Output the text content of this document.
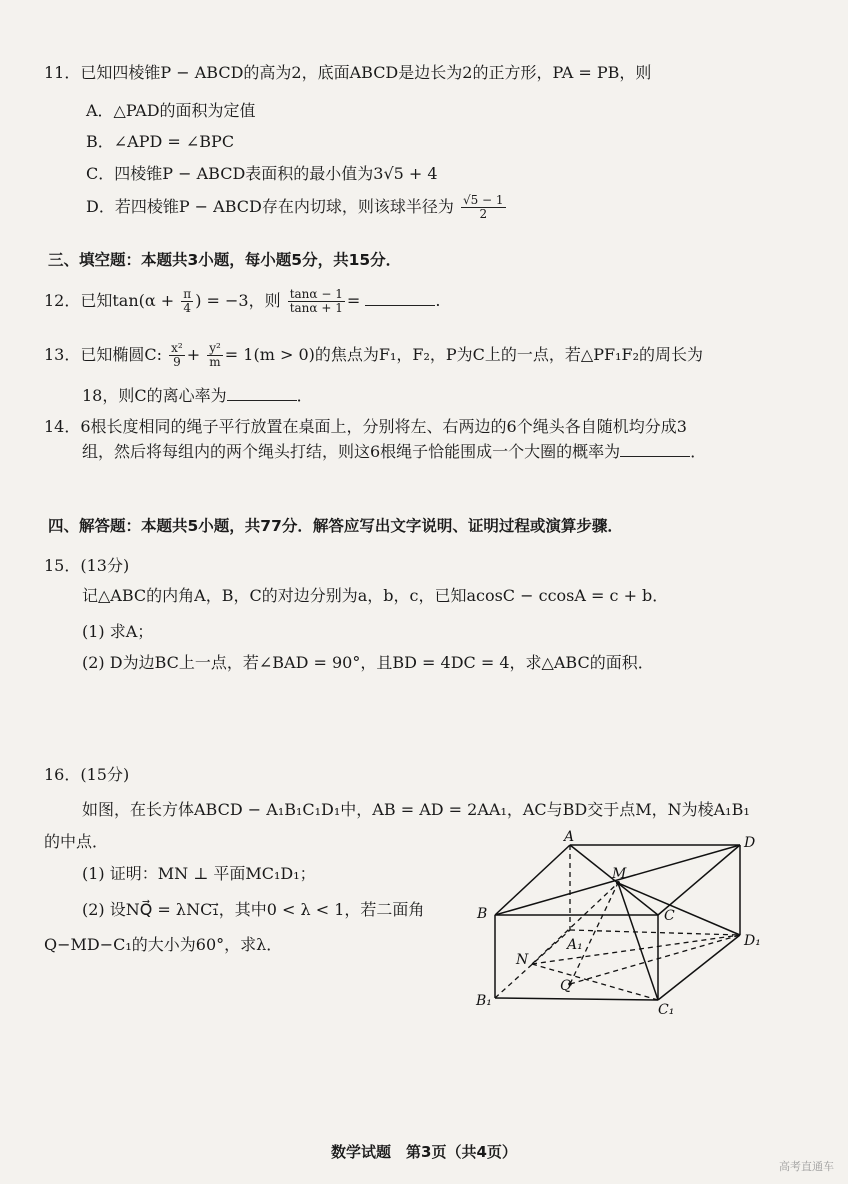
11．已知四棱锥P − ABCD的高为2，底面ABCD是边长为2的正方形，PA = PB，则
A．△PAD的面积为定值
B．∠APD = ∠BPC
C．四棱锥P − ABCD表面积的最小值为3√5 + 4
D．若四棱锥P − ABCD存在内切球，则该球半径为 $\frac{√5 - 1}{2}$
三、填空题：本题共3小题，每小题5分，共15分．
12．已知$\tan(\alpha + \frac{\pi}{4}$ ) = −3，则 $\frac{\tan\alpha - 1}{\tan\alpha + 1}$ =	.
13．已知椭圆C: $\frac{\text{x²}}{9} + \frac{\text{y²}}{m} = 1(m > 0)$的焦点为F₁，F₂，P为C上的一点，若△PF₁F₂的周长为
18，则C的离心率为	．
14．6根长度相同的绳子平行放置在桌面上，分别将左、右两边的6个绳头各自随机均分成3
组，然后将每组内的两个绳头打结，则这6根绳子恰能围成一个大圈的概率为	．
四、解答题：本题共5小题，共77分．解答应写出文字说明、证明过程或演算步骤．
15．(13分)
记△ABC的内角A，B，C的对边分别为a，b，c，已知acosC − ccosA = c + b．
(1) 求A；
(2) D为边BC上一点，若∠BAD = 90°，且BD = 4DC = 4，求△ABC的面积．
16．(15分)
如图，在长方体ABCD − A₁B₁C₁D₁中，AB = AD = 2AA₁，AC与BD交于点M，N为棱A₁B₁
的中点．
(1) 证明：MN ⊥ 平面MC₁D₁；
(2) 设NQ⃗ = λNC₁⃗，其中0 < λ < 1，若二面角
Q−MD−C₁的大小为60°，求λ．
A	D
M
B	C
A₁	D₁
N
Q
B₁
C₁
数学试题　第3页（共4页）
高考直通车
